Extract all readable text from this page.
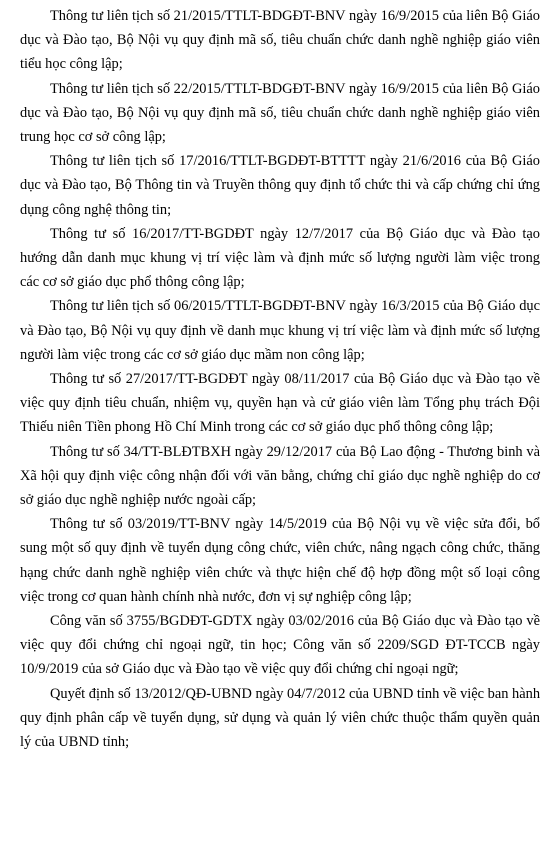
Thông tư liên tịch số 21/2015/TTLT-BDGĐT-BNV ngày 16/9/2015 của liên Bộ Giáo dục và Đào tạo, Bộ Nội vụ quy định mã số, tiêu chuẩn chức danh nghề nghiệp giáo viên tiểu học công lập;

Thông tư liên tịch số 22/2015/TTLT-BDGĐT-BNV ngày 16/9/2015 của liên Bộ Giáo dục và Đào tạo, Bộ Nội vụ quy định mã số, tiêu chuẩn chức danh nghề nghiệp giáo viên trung học cơ sở công lập;

Thông tư liên tịch số 17/2016/TTLT-BGDĐT-BTTTT ngày 21/6/2016 của Bộ Giáo dục và Đào tạo, Bộ Thông tin và Truyền thông quy định tổ chức thi và cấp chứng chỉ ứng dụng công nghệ thông tin;

Thông tư số 16/2017/TT-BGDĐT ngày 12/7/2017 của Bộ Giáo dục và Đào tạo hướng dẫn danh mục khung vị trí việc làm và định mức số lượng người làm việc trong các cơ sở giáo dục phổ thông công lập;

Thông tư liên tịch số 06/2015/TTLT-BGDĐT-BNV ngày 16/3/2015 của Bộ Giáo dục và Đào tạo, Bộ Nội vụ quy định về danh mục khung vị trí việc làm và định mức số lượng người làm việc trong các cơ sở giáo dục mầm non công lập;

Thông tư số 27/2017/TT-BGDĐT ngày 08/11/2017 của Bộ Giáo dục và Đào tạo về việc quy định tiêu chuẩn, nhiệm vụ, quyền hạn và cử giáo viên làm Tổng phụ trách Đội Thiếu niên Tiền phong Hồ Chí Minh trong các cơ sở giáo dục phổ thông công lập;

Thông tư số 34/TT-BLĐTBXH ngày 29/12/2017 của Bộ Lao động - Thương binh và Xã hội quy định việc công nhận đối với văn bằng, chứng chỉ giáo dục nghề nghiệp do cơ sở giáo dục nghề nghiệp nước ngoài cấp;

Thông tư số 03/2019/TT-BNV ngày 14/5/2019 của Bộ Nội vụ về việc sửa đổi, bổ sung một số quy định về tuyển dụng công chức, viên chức, nâng ngạch công chức, thăng hạng chức danh nghề nghiệp viên chức và thực hiện chế độ hợp đồng một số loại công việc trong cơ quan hành chính nhà nước, đơn vị sự nghiệp công lập;

Công văn số 3755/BGDĐT-GDTX ngày 03/02/2016 của Bộ Giáo dục và Đào tạo về việc quy đổi chứng chỉ ngoại ngữ, tin học; Công văn số 2209/SGD ĐT-TCCB ngày 10/9/2019 của sở Giáo dục và Đào tạo về việc quy đổi chứng chỉ ngoại ngữ;

Quyết định số 13/2012/QĐ-UBND ngày 04/7/2012 của UBND tỉnh về việc ban hành quy định phân cấp về tuyển dụng, sử dụng và quản lý viên chức thuộc thẩm quyền quản lý của UBND tỉnh;
